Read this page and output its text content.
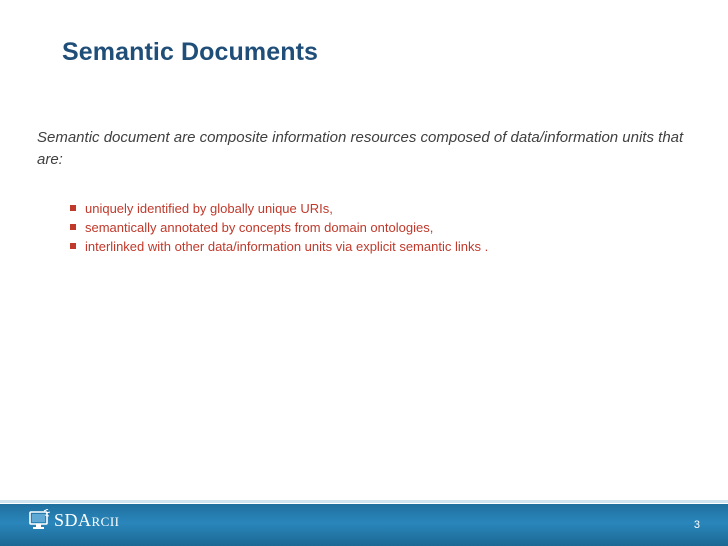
Semantic Documents
Semantic document are composite information resources composed of data/information units that are:
uniquely identified by globally unique URIs,
semantically annotated by concepts from domain ontologies,
interlinked with other data/information units via explicit semantic links .
SDARCII	3
